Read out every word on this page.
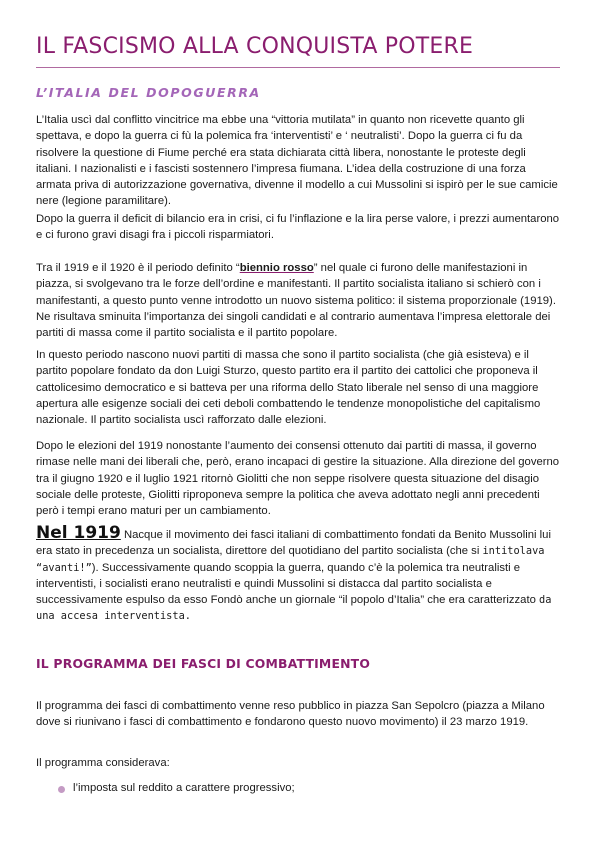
IL FASCISMO ALLA CONQUISTA POTERE
L’ITALIA DEL DOPOGUERRA

L’Italia uscì dal conflitto vincitrice ma ebbe una “vittoria mutilata” in quanto non ricevette quanto gli spettava, e dopo la guerra ci fù la polemica fra ‘interventisti’ e ‘ neutralisti’. Dopo la guerra ci fu da risolvere la questione di Fiume perché era stata dichiarata città libera, nonostante le proteste degli italiani. I nazionalisti e i fascisti sostennero l’impresa fiumana. L’idea della costruzione di una forza armata priva di autorizzazione governativa, divenne il modello a cui Mussolini si ispirò per le sue camicie nere (legione paramilitare).

Dopo la guerra il deficit di bilancio era in crisi, ci fu l’inflazione e la lira perse valore, i prezzi aumentarono e ci furono gravi disagi fra i piccoli risparmiatori.

Tra il 1919 e il 1920 è il periodo definito “biennio rosso” nel quale ci furono delle manifestazioni in piazza, si svolgevano tra le forze dell’ordine e manifestanti. Il partito socialista italiano si schierò con i manifestanti, a questo punto venne introdotto un nuovo sistema politico: il sistema proporzionale (1919). Ne risultava sminuita l’importanza dei singoli candidati e al contrario aumentava l’impresa elettorale dei partiti di massa come il partito socialista e il partito popolare.

In questo periodo nascono nuovi partiti di massa che sono il partito socialista (che già esisteva) e il partito popolare fondato da don Luigi Sturzo, questo partito era il partito dei cattolici che proponeva il cattolicesimo democratico e si batteva per una riforma dello Stato liberale nel senso di una maggiore apertura alle esigenze sociali dei ceti deboli combattendo le tendenze monopolistiche del capitalismo nazionale. Il partito socialista uscì rafforzato dalle elezioni.

Dopo le elezioni del 1919 nonostante l’aumento dei consensi ottenuto dai partiti di massa, il governo rimase nelle mani dei liberali che, però, erano incapaci di gestire la situazione. Alla direzione del governo tra il giugno 1920 e il luglio 1921 ritornò Giolitti che non seppe risolvere questa situazione del disagio sociale delle proteste, Giolitti riproponeva sempre la politica che aveva adottato negli anni precedenti però i tempi erano maturi per un cambiamento.

Nel 1919 Nacque il movimento dei fasci italiani di combattimento fondati da Benito Mussolini lui era stato in precedenza un socialista, direttore del quotidiano del partito socialista (che si intitolava “avanti!”). Successivamente quando scoppia la guerra, quando c’è la polemica tra neutralisti e interventisti, i socialisti erano neutralisti e quindi Mussolini si distacca dal partito socialista e successivamente espulso da esso Fondò anche un giornale “il popolo d’Italia” che era caratterizzato da una accesa interventista.

IL PROGRAMMA DEI FASCI DI COMBATTIMENTO

Il programma dei fasci di combattimento venne reso pubblico in piazza San Sepolcro (piazza a Milano dove si riunivano i fasci di combattimento e fondarono questo nuovo movimento) il 23 marzo 1919.

Il programma considerava:

l’imposta sul reddito a carattere progressivo;
